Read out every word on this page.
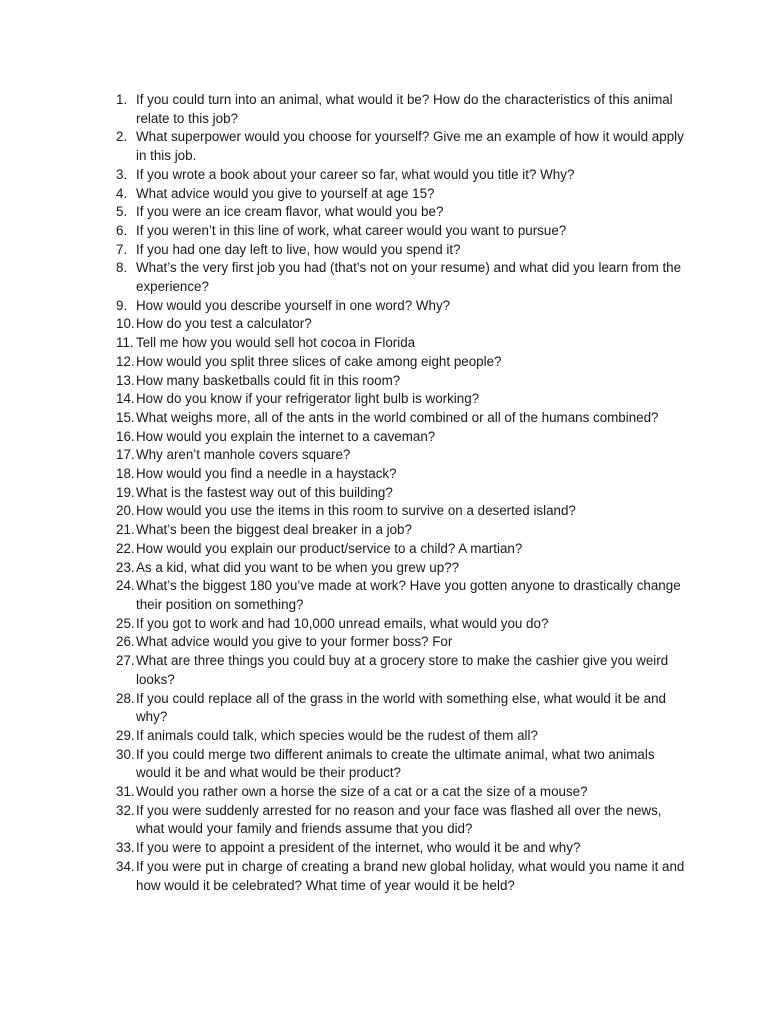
1. If you could turn into an animal, what would it be? How do the characteristics of this animal relate to this job?
2. What superpower would you choose for yourself? Give me an example of how it would apply in this job.
3. If you wrote a book about your career so far, what would you title it? Why?
4. What advice would you give to yourself at age 15?
5. If you were an ice cream flavor, what would you be?
6. If you weren’t in this line of work, what career would you want to pursue?
7. If you had one day left to live, how would you spend it?
8. What’s the very first job you had (that’s not on your resume) and what did you learn from the experience?
9. How would you describe yourself in one word? Why?
10. How do you test a calculator?
11. Tell me how you would sell hot cocoa in Florida
12. How would you split three slices of cake among eight people?
13. How many basketballs could fit in this room?
14. How do you know if your refrigerator light bulb is working?
15. What weighs more, all of the ants in the world combined or all of the humans combined?
16. How would you explain the internet to a caveman?
17. Why aren’t manhole covers square?
18. How would you find a needle in a haystack?
19. What is the fastest way out of this building?
20. How would you use the items in this room to survive on a deserted island?
21. What’s been the biggest deal breaker in a job?
22. How would you explain our product/service to a child? A martian?
23. As a kid, what did you want to be when you grew up??
24. What’s the biggest 180 you’ve made at work? Have you gotten anyone to drastically change their position on something?
25. If you got to work and had 10,000 unread emails, what would you do?
26. What advice would you give to your former boss? For
27. What are three things you could buy at a grocery store to make the cashier give you weird looks?
28. If you could replace all of the grass in the world with something else, what would it be and why?
29. If animals could talk, which species would be the rudest of them all?
30. If you could merge two different animals to create the ultimate animal, what two animals would it be and what would be their product?
31. Would you rather own a horse the size of a cat or a cat the size of a mouse?
32. If you were suddenly arrested for no reason and your face was flashed all over the news, what would your family and friends assume that you did?
33. If you were to appoint a president of the internet, who would it be and why?
34. If you were put in charge of creating a brand new global holiday, what would you name it and how would it be celebrated? What time of year would it be held?
